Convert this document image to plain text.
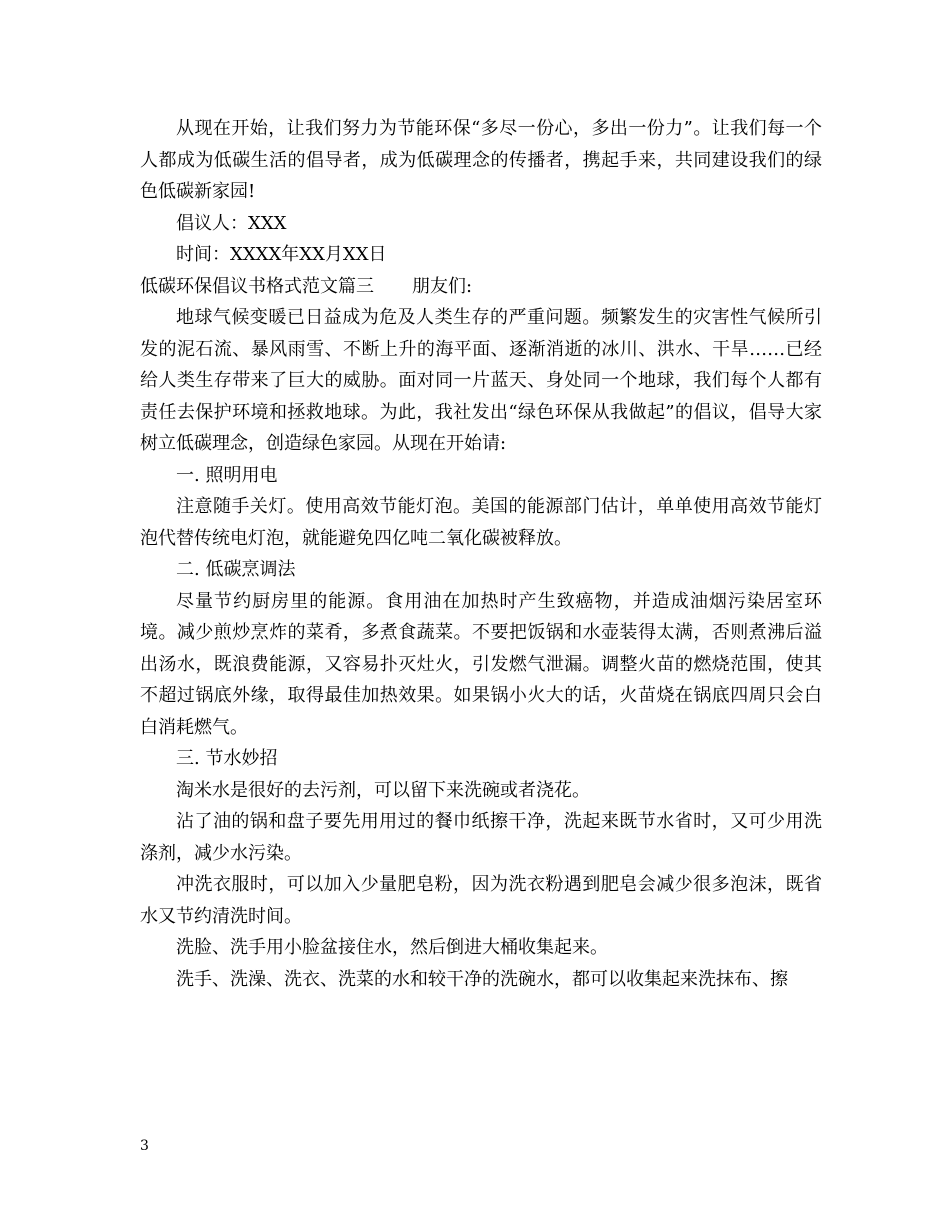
从现在开始，让我们努力为节能环保“多尽一份心，多出一份力”。让我们每一个人都成为低碳生活的倡导者，成为低碳理念的传播者，携起手来，共同建设我们的绿色低碳新家园!

倡议人：XXX

时间：XXXX年XX月XX日

低碳环保倡议书格式范文篇三 朋友们:

地球气候变暖已日益成为危及人类生存的严重问题。频繁发生的灾害性气候所引发的泥石流、暴风雨雪、不断上升的海平面、逐渐消逝的冰川、洪水、干旱……已经给人类生存带来了巨大的威胁。面对同一片蓝天、身处同一个地球，我们每个人都有责任去保护环境和拯救地球。为此，我社发出“绿色环保从我做起”的倡议，倡导大家树立低碳理念，创造绿色家园。从现在开始请:

一. 照明用电

注意随手关灯。使用高效节能灯泡。美国的能源部门估计，单单使用高效节能灯泡代替传统电灯泡，就能避免四亿吨二氧化碳被释放。

二. 低碳烹调法

尽量节约厨房里的能源。食用油在加热时产生致癌物，并造成油烟污染居室环境。减少煎炒烹炸的菜肴，多煮食蔬菜。不要把饭锅和水壶装得太满，否则煮沸后溢出汤水，既浪费能源，又容易扑灭灶火，引发燃气泄漏。调整火苗的燃烧范围，使其不超过锅底外缘，取得最佳加热效果。如果锅小火大的话，火苗烧在锅底四周只会白白消耗燃气。

三. 节水妙招

淘米水是很好的去污剂，可以留下来洗碗或者浇花。

沾了油的锅和盘子要先用用过的餐巾纸擦干净，洗起来既节水省时，又可少用洗涤剂，减少水污染。

冲洗衣服时，可以加入少量肥皂粉，因为洗衣粉遇到肥皂会减少很多泡沫，既省水又节约清洗时间。

洗脸、洗手用小脸盆接住水，然后倒进大桶收集起来。

洗手、洗澡、洗衣、洗菜的水和较干净的洗碗水，都可以收集起来洗抹布、擦

3
